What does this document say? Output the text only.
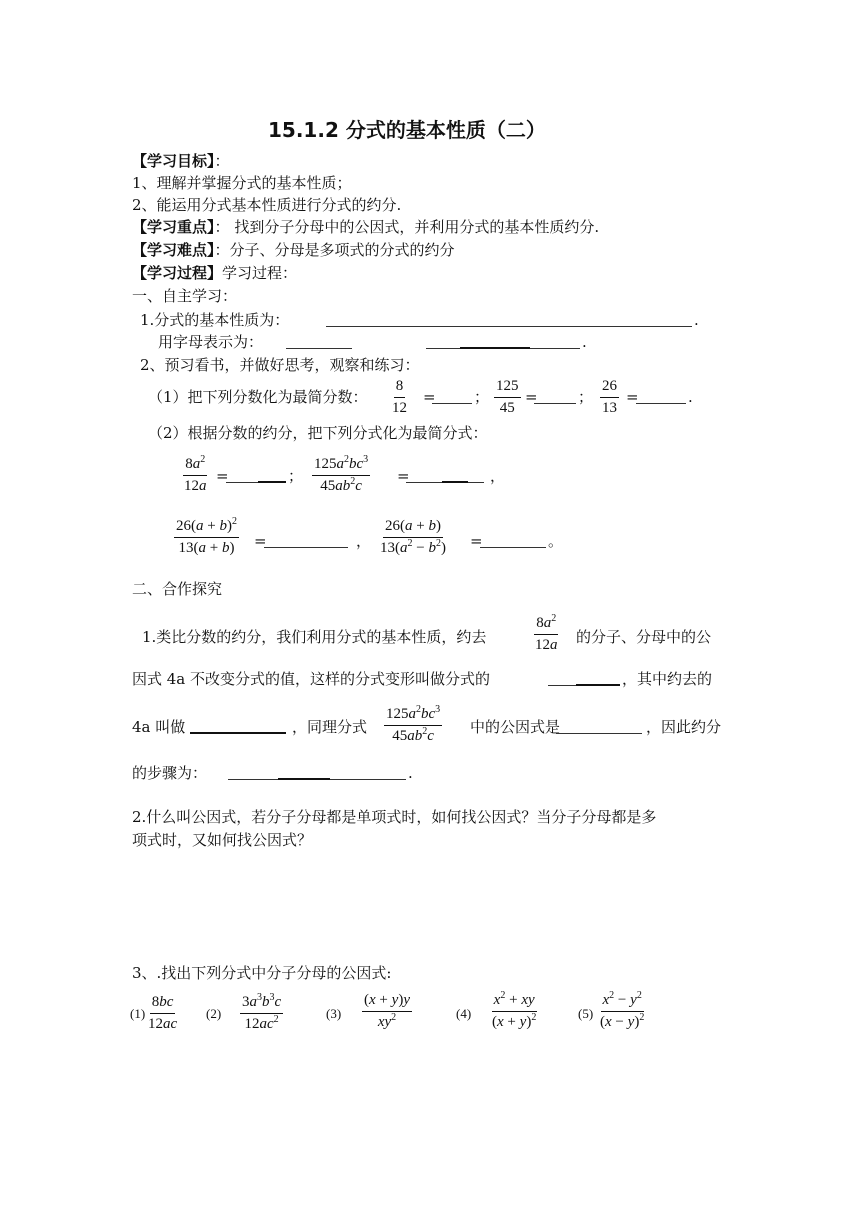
15.1.2 分式的基本性质（二）
【学习目标】：
1、理解并掌握分式的基本性质；
2、能运用分式基本性质进行分式的约分.
【学习重点】： 找到分子分母中的公因式，并利用分式的基本性质约分.
【学习难点】：分子、分母是多项式的分式的约分
【学习过程】学习过程：
一、自主学习：
1.分式的基本性质为：	.
用字母表示为：	.
2、预习看书，并做好思考，观察和练习：
（1）把下列分数化为最简分数： $\frac{8}{12}$ =	； $\frac{125}{45}$ =	； $\frac{26}{13}$ =	.
（2）根据分数的约分，把下列分式化为最简分式：
$\frac{8a^2}{12a}$ =	； $\frac{125a^2bc^3}{45ab^2c}$ =	，
$\frac{26(a + b)^2}{13(a + b)}$ =	， $\frac{26(a + b)}{13(a^2 - b^2)}$ =	。
二、合作探究
1.类比分数的约分，我们利用分式的基本性质，约去	$\frac{8a^2}{12a}$ 的分子、分母中的公
因式 4a 不改变分式的值，这样的分式变形叫做分式的	，其中约去的
4a 叫做	，同理分式 $\frac{125a^2bc^3}{45ab^2c}$ 中的公因式是	，因此约分
的步骤为：	.
2.什么叫公因式，若分子分母都是单项式时，如何找公因式？当分子分母都是多
项式时，又如何找公因式？
3、.找出下列分式中分子分母的公因式:
$(1) \frac{8bc}{12ac} (2) \frac{3a^3b^3c}{12ac^2}$	$(3) \frac{(x + y)y}{xy^2}$	$(4) \frac{x^2 + xy}{(x + y)^2}$	$(5) \frac{x^2 - y^2}{(x - y)^2}$
